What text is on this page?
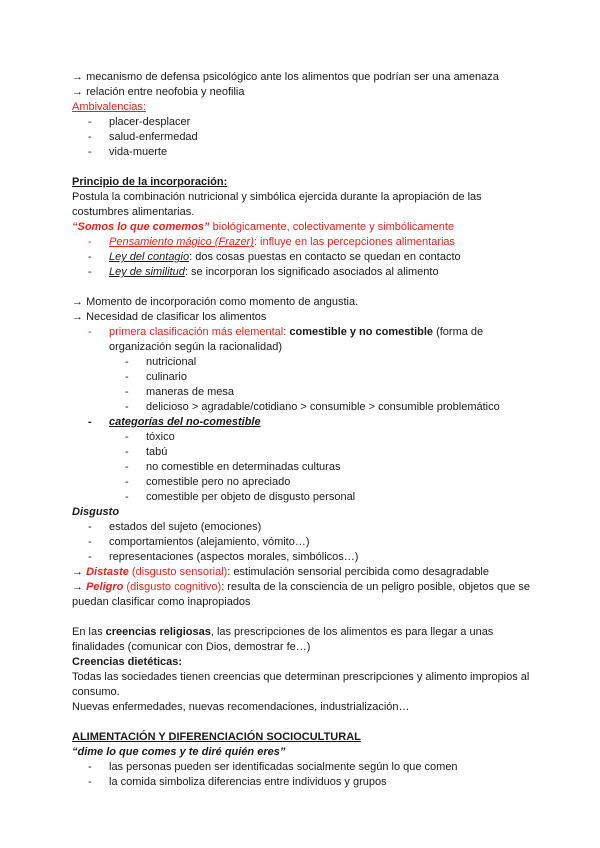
→ mecanismo de defensa psicológico ante los alimentos que podrían ser una amenaza
→ relación entre neofobia y neofilia
Ambivalencias:
- placer-desplacer
- salud-enfermedad
- vida-muerte
Principio de la incorporación:
Postula la combinación nutricional y simbólica ejercida durante la apropiación de las costumbres alimentarias.
“Somos lo que comemos” biológicamente, colectivamente y simbólicamente
- Pensamiento mágico (Frazer): influye en las percepciones alimentarias
- Ley del contagio: dos cosas puestas en contacto se quedan en contacto
- Ley de similitud: se incorporan los significado asociados al alimento
→ Momento de incorporación como momento de angustia.
→ Necesidad de clasificar los alimentos
- primera clasificación más elemental: comestible y no comestible (forma de organización según la racionalidad)
- nutricional
- culinario
- maneras de mesa
- delicioso > agradable/cotidiano > consumible > consumible problemático
- categorías del no-comestible
- tóxico
- tabú
- no comestible en determinadas culturas
- comestible pero no apreciado
- comestible per objeto de disgusto personal
Disgusto
- estados del sujeto (emociones)
- comportamientos (alejamiento, vómito…)
- representaciones (aspectos morales, simbólicos…)
→ Distaste (disgusto sensorial): estimulación sensorial percibida como desagradable
→ Peligro (disgusto cognitivo): resulta de la consciencia de un peligro posible, objetos que se puedan clasificar como inapropiados
En las creencias religiosas, las prescripciones de los alimentos es para llegar a unas finalidades (comunicar con Dios, demostrar fe…)
Creencias dietéticas:
Todas las sociedades tienen creencias que determinan prescripciones y alimento impropios al consumo.
Nuevas enfermedades, nuevas recomendaciones, industrialización…
ALIMENTACIÓN Y DIFERENCIACIÓN SOCIOCULTURAL
“dime lo que comes y te diré quién eres”
- las personas pueden ser identificadas socialmente según lo que comen
- la comida simboliza diferencias entre individuos y grupos
